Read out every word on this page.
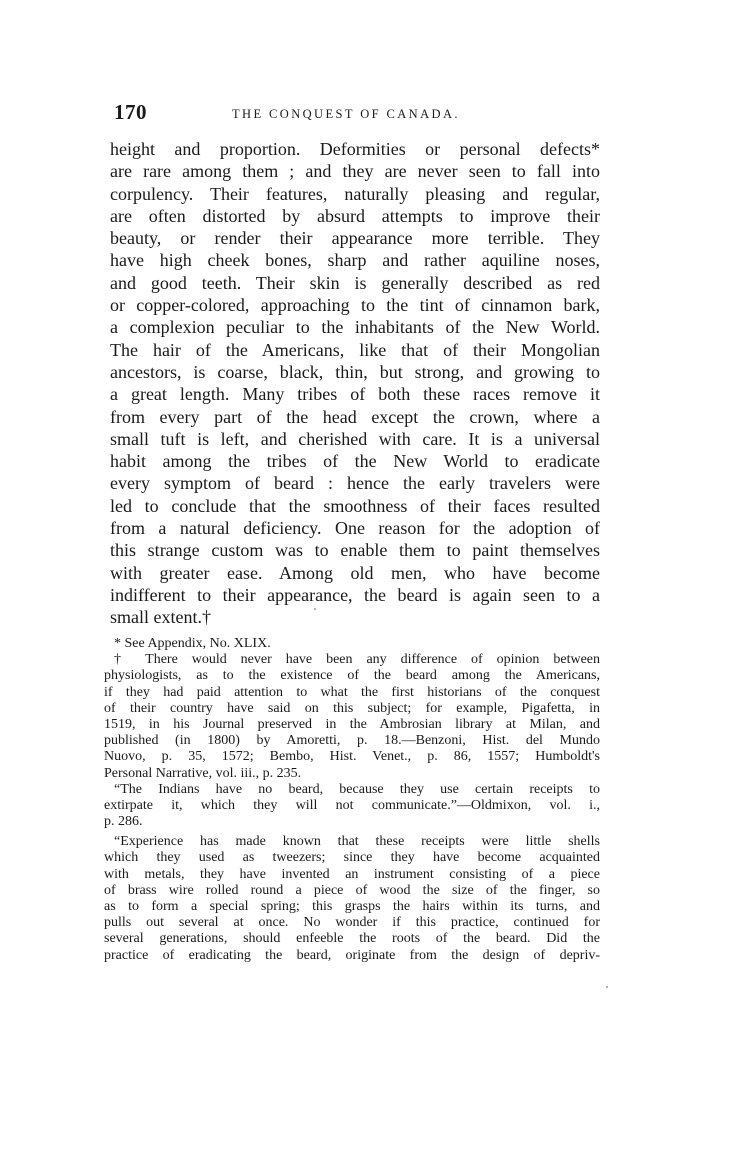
170	THE CONQUEST OF CANADA.
height and proportion. Deformities or personal defects*
are rare among them ; and they are never seen to fall into
corpulency. Their features, naturally pleasing and regular,
are often distorted by absurd attempts to improve their
beauty, or render their appearance more terrible. They
have high cheek bones, sharp and rather aquiline noses,
and good teeth. Their skin is generally described as red
or copper-colored, approaching to the tint of cinnamon bark,
a complexion peculiar to the inhabitants of the New World.
The hair of the Americans, like that of their Mongolian
ancestors, is coarse, black, thin, but strong, and growing to
a great length. Many tribes of both these races remove it
from every part of the head except the crown, where a
small tuft is left, and cherished with care. It is a universal
habit among the tribes of the New World to eradicate
every symptom of beard : hence the early travelers were
led to conclude that the smoothness of their faces resulted
from a natural deficiency. One reason for the adoption of
this strange custom was to enable them to paint themselves
with greater ease. Among old men, who have become
indifferent to their appearance, the beard is again seen to a
small extent.†
* See Appendix, No. XLIX.
† There would never have been any difference of opinion between
physiologists, as to the existence of the beard among the Americans,
if they had paid attention to what the first historians of the conquest
of their country have said on this subject; for example, Pigafetta, in
1519, in his Journal preserved in the Ambrosian library at Milan, and
published (in 1800) by Amoretti, p. 18.—Benzoni, Hist. del Mundo
Nuovo, p. 35, 1572; Bembo, Hist. Venet., p. 86, 1557; Humboldt's
Personal Narrative, vol. iii., p. 235.
“The Indians have no beard, because they use certain receipts to
extirpate it, which they will not communicate.”—Oldmixon, vol. i.,
p. 286.
“Experience has made known that these receipts were little shells
which they used as tweezers; since they have become acquainted
with metals, they have invented an instrument consisting of a piece
of brass wire rolled round a piece of wood the size of the finger, so
as to form a special spring; this grasps the hairs within its turns, and
pulls out several at once. No wonder if this practice, continued for
several generations, should enfeeble the roots of the beard. Did the
practice of eradicating the beard, originate from the design of depriv-
